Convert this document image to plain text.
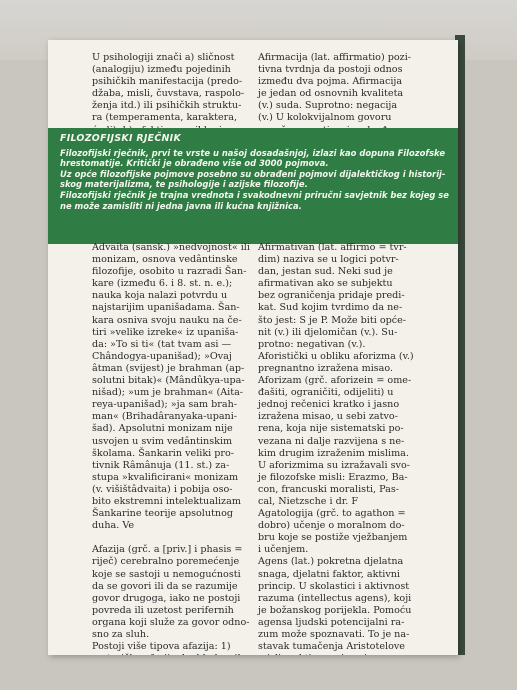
U psihologiji znači a) sličnost

(analogiju) između pojedinih

psihičkih manifestacija (predo-

džaba, misli, čuvstava, raspolo-

ženja itd.) ili psihičkih struktu-

ra (temperamenta, karaktera,

Afirmacija (lat. affirmatio) pozi-

tivna tvrdnja da postoji odnos

između dva pojma. Afirmacija

je jedan od osnovnih kvaliteta

(v.) suda. Suprotno: negacija

(v.) U kolokvijalnom govoru

FILOZOFIJSKI RJEČNIK

Filozofijski rječnik, prvi te vrste u našoj dosadašnjoj, izlazi kao dopuna Filozofske

hrestomatije. Kritički je obrađeno više od 3000 pojmova.

Uz opće filozofijske pojmove posebno su obrađeni pojmovi dijalektičkog i historij-

skog materijalizma, te psihologije i azijske filozofije.

Filozofijski rječnik je trajna vrednota i svakodnevni priručni savjetnik bez kojeg se

ne može zamisliti ni jedna javna ili kućna knjižnica.

Advaita (sansk.) »nedvojnost« ili

monizam, osnova vedântinske

filozofije, osobito u razradi Šan-

kare (između 6. i 8. st. n. e.);

nauka koja nalazi potvrdu u

najstarijim upanišadama. Šan-

kara osniva svoju nauku na če-

tiri »velike izreke« iz upaniša-

da: »To si ti« (tat tvam asi —

Chândogya-upanišad); »Ovaj

âtman (svijest) je brahman (ap-

solutni bitak)« (Mândûkya-upa-

nišad); »um je brahman« (Aita-

reya-upanišad); »ja sam brah-

man« (Brihadâranyaka-upani-

šad). Apsolutni monizam nije

usvojen u svim vedântinskim

školama. Šankarin veliki pro-

tivnik Râmânuja (11. st.) za-

stupa »kvalificirani« monizam

(v. višištâdvaita) i pobija oso-

bito ekstremni intelektualizam

Šankarine teorije apsolutnog

duha. Ve

Afazija (grč. a [priv.] i phasis =

riječ) cerebralno poremećenje

koje se sastoji u nemogućnosti

da se govori ili da se razumije

govor drugoga, iako ne postoji

povreda ili uzetost perifernih

organa koji služe za govor odno-

sno za sluh.

Postoji više tipova afazija: 1)

Afirmativan (lat. affirmo = tvr-

dim) naziva se u logici potvr-

dan, jestan sud. Neki sud je

afirmativan ako se subjektu

bez ograničenja pridaje predi-

kat. Sud kojim tvrdimo da ne-

što jest: S je P. Može biti opće-

nit (v.) ili djelomičan (v.). Su-

protno: negativan (v.).

Aforistički u obliku aforizma (v.)

pregnantno izražena misao.

Aforizam (grč. aforizein = ome-

đašiti, ograničiti, odijeliti) u

jednoj rečenici kratko i jasno

izražena misao, u sebi zatvo-

rena, koja nije sistematski po-

vezana ni dalje razvijena s ne-

kim drugim izraženim mislima.

U aforizmima su izražavali svo-

je filozofske misli: Erazmo, Ba-

con, francuski moralisti, Pas-

cal, Nietzsche i dr. F

Agatologija (grč. to agathon =

dobro) učenje o moralnom do-

bru koje se postiže vježbanjem

i učenjem.

Agens (lat.) pokretna djelatna

snaga, djelatni faktor, aktivni

princip. U skolastici i aktivnost

razuma (intellectus agens), koji

je božanskog porijekla. Pomoću

agensa ljudski potencijalni ra-

zum može spoznavati. To je na-

stavak tumačenja Aristotelove
